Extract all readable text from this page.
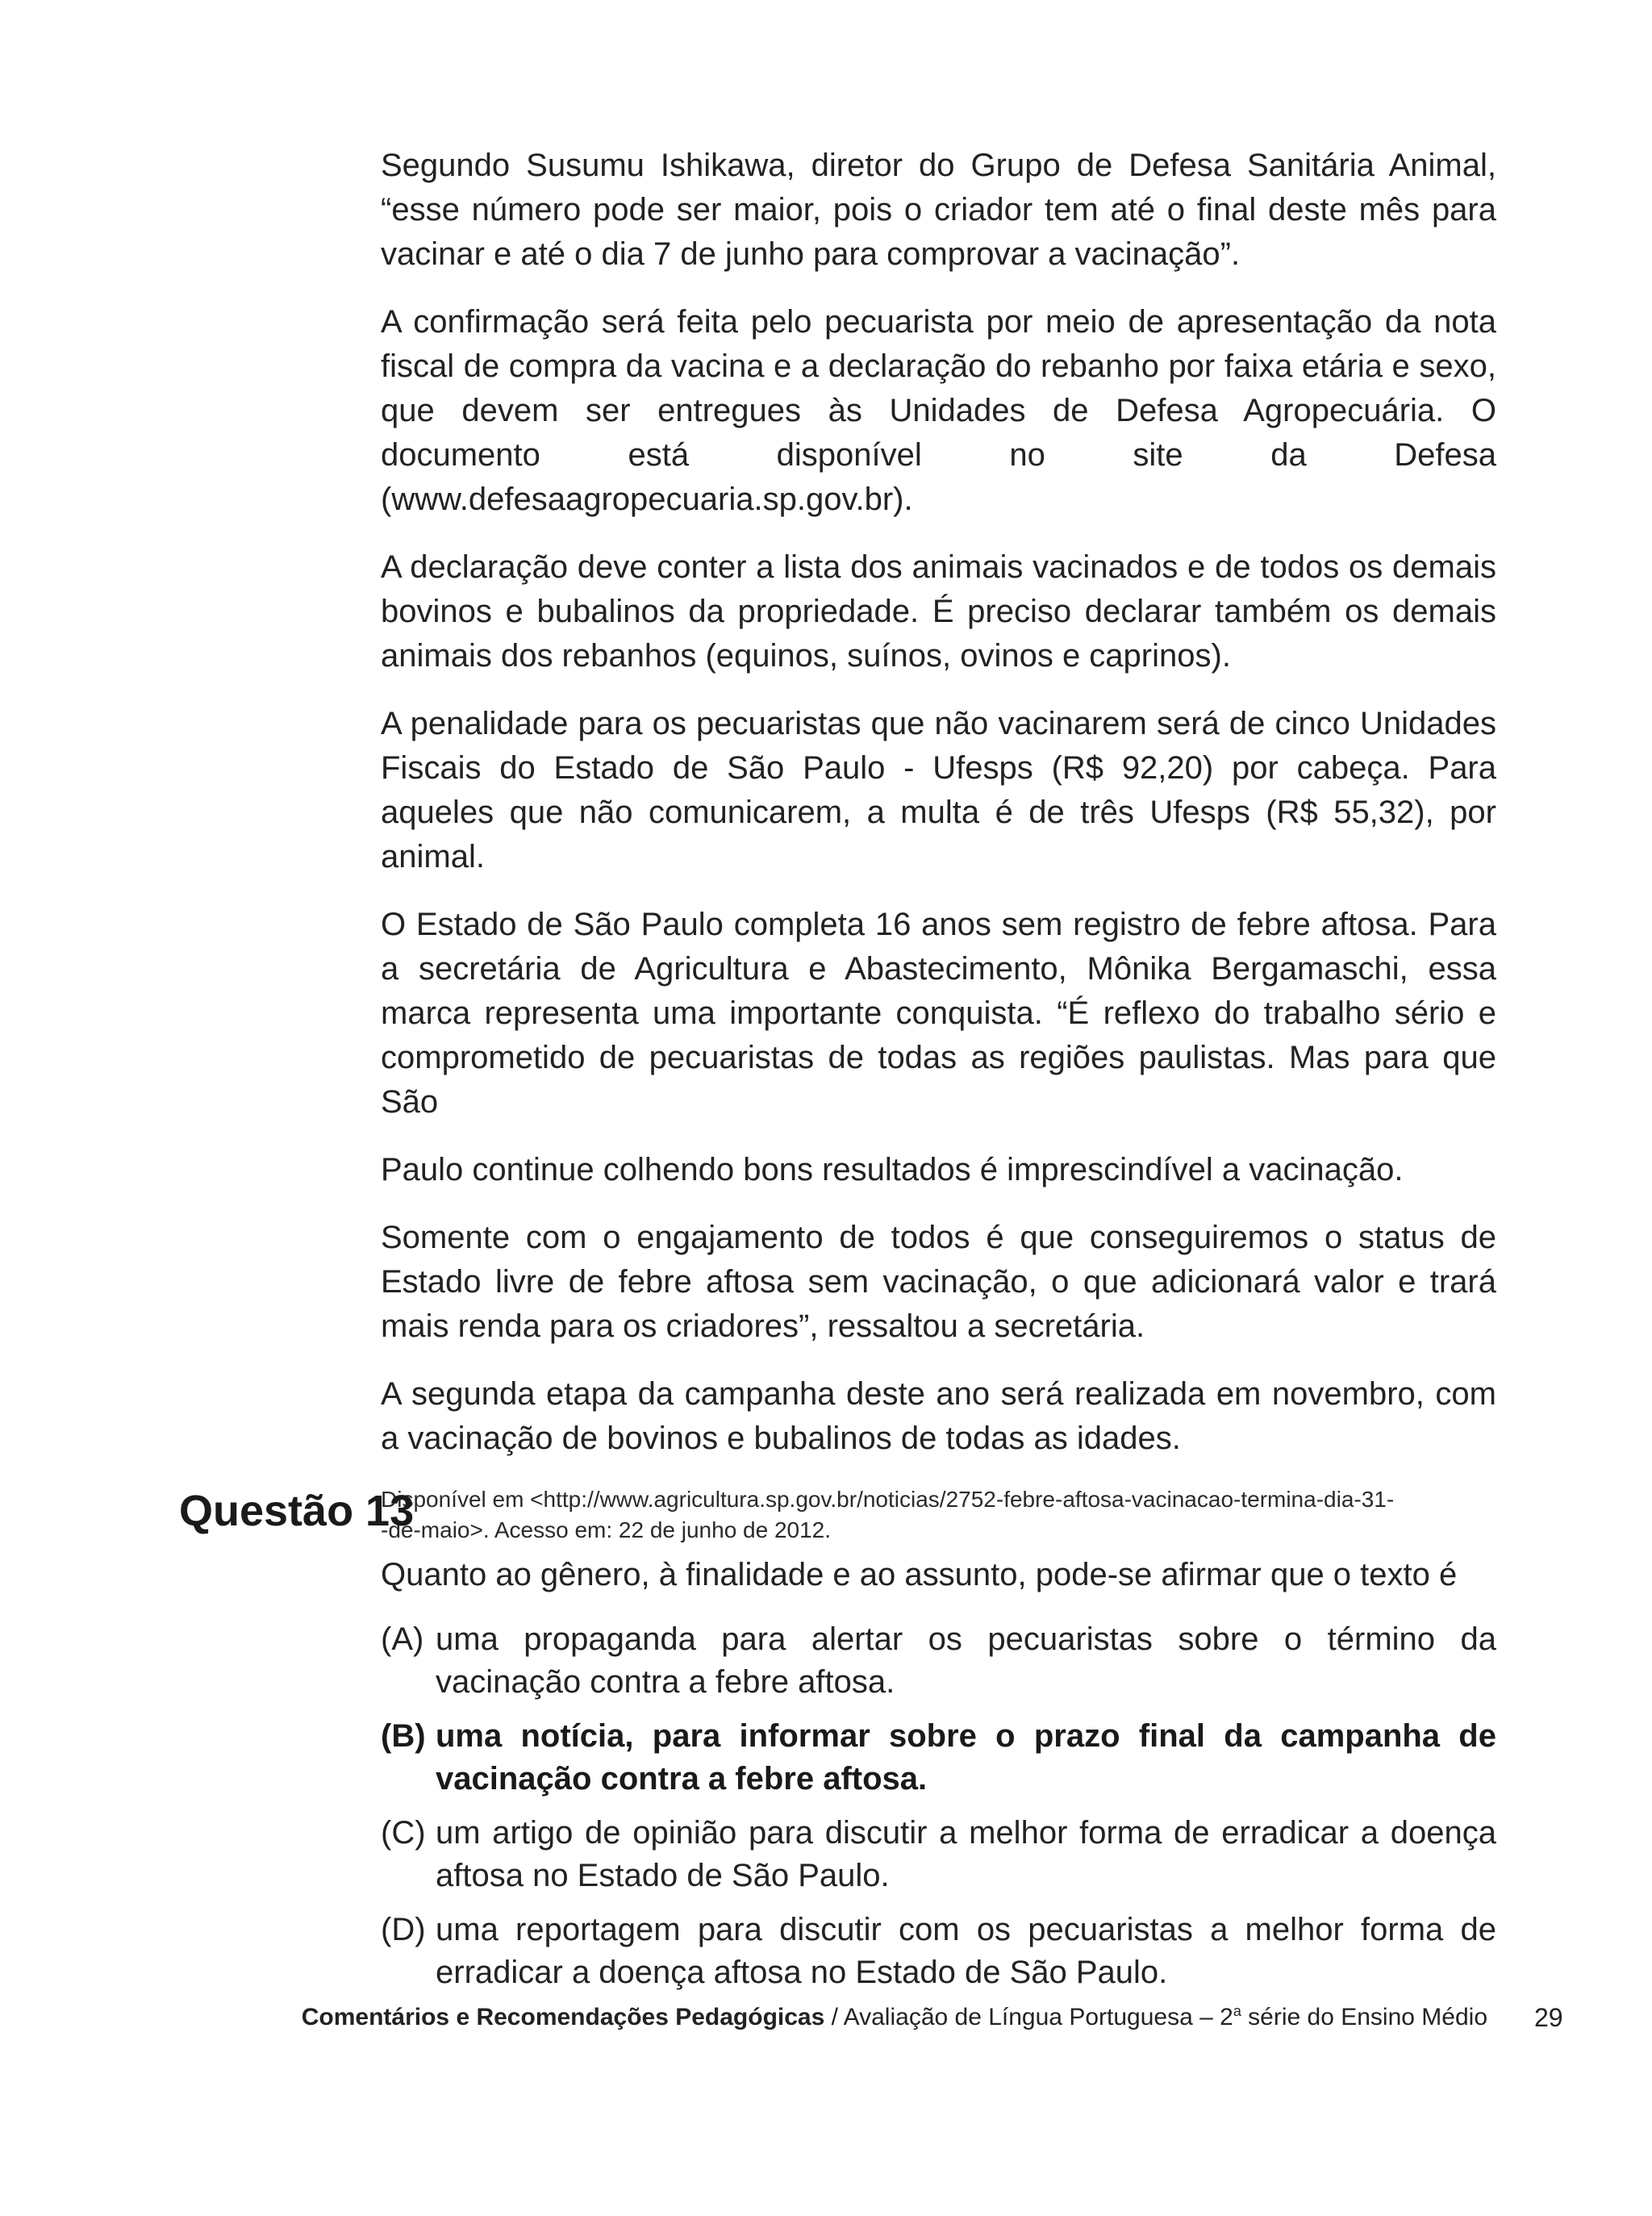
Segundo Susumu Ishikawa, diretor do Grupo de Defesa Sanitária Animal, “esse número pode ser maior, pois o criador tem até o final deste mês para vacinar e até o dia 7 de junho para comprovar a vacinação”.

A confirmação será feita pelo pecuarista por meio de apresentação da nota fiscal de compra da vacina e a declaração do rebanho por faixa etária e sexo, que devem ser entregues às Unidades de Defesa Agropecuária. O documento está disponível no site da Defesa (www.defesaagropecuaria.sp.gov.br).

A declaração deve conter a lista dos animais vacinados e de todos os demais bovinos e bubalinos da propriedade. É preciso declarar também os demais animais dos rebanhos (equinos, suínos, ovinos e caprinos).

A penalidade para os pecuaristas que não vacinarem será de cinco Unidades Fiscais do Estado de São Paulo - Ufesps (R$ 92,20) por cabeça. Para aqueles que não comunicarem, a multa é de três Ufesps (R$ 55,32), por animal.

O Estado de São Paulo completa 16 anos sem registro de febre aftosa. Para a secretária de Agricultura e Abastecimento, Mônika Bergamaschi, essa marca representa uma importante conquista. “É reflexo do trabalho sério e comprometido de pecuaristas de todas as regiões paulistas. Mas para que São

Paulo continue colhendo bons resultados é imprescindível a vacinação.

Somente com o engajamento de todos é que conseguiremos o status de Estado livre de febre aftosa sem vacinação, o que adicionará valor e trará mais renda para os criadores”, ressaltou a secretária.

A segunda etapa da campanha deste ano será realizada em novembro, com a vacinação de bovinos e bubalinos de todas as idades.

Disponível em <http://www.agricultura.sp.gov.br/noticias/2752-febre-aftosa-vacinacao-termina-dia-31-
-de-maio>. Acesso em: 22 de junho de 2012.
Questão 13

Quanto ao gênero, à finalidade e ao assunto, pode-se afirmar que o texto é

(A) uma propaganda para alertar os pecuaristas sobre o término da vacinação contra a febre aftosa.
(B) uma notícia, para informar sobre o prazo final da campanha de vacinação contra a febre aftosa.
(C) um artigo de opinião para discutir a melhor forma de erradicar a doença aftosa no Estado de São Paulo.
(D) uma reportagem para discutir com os pecuaristas a melhor forma de erradicar a doença aftosa no Estado de São Paulo.
Comentários e Recomendações Pedagógicas / Avaliação de Língua Portuguesa – 2$^a$ série do Ensino Médio 29
